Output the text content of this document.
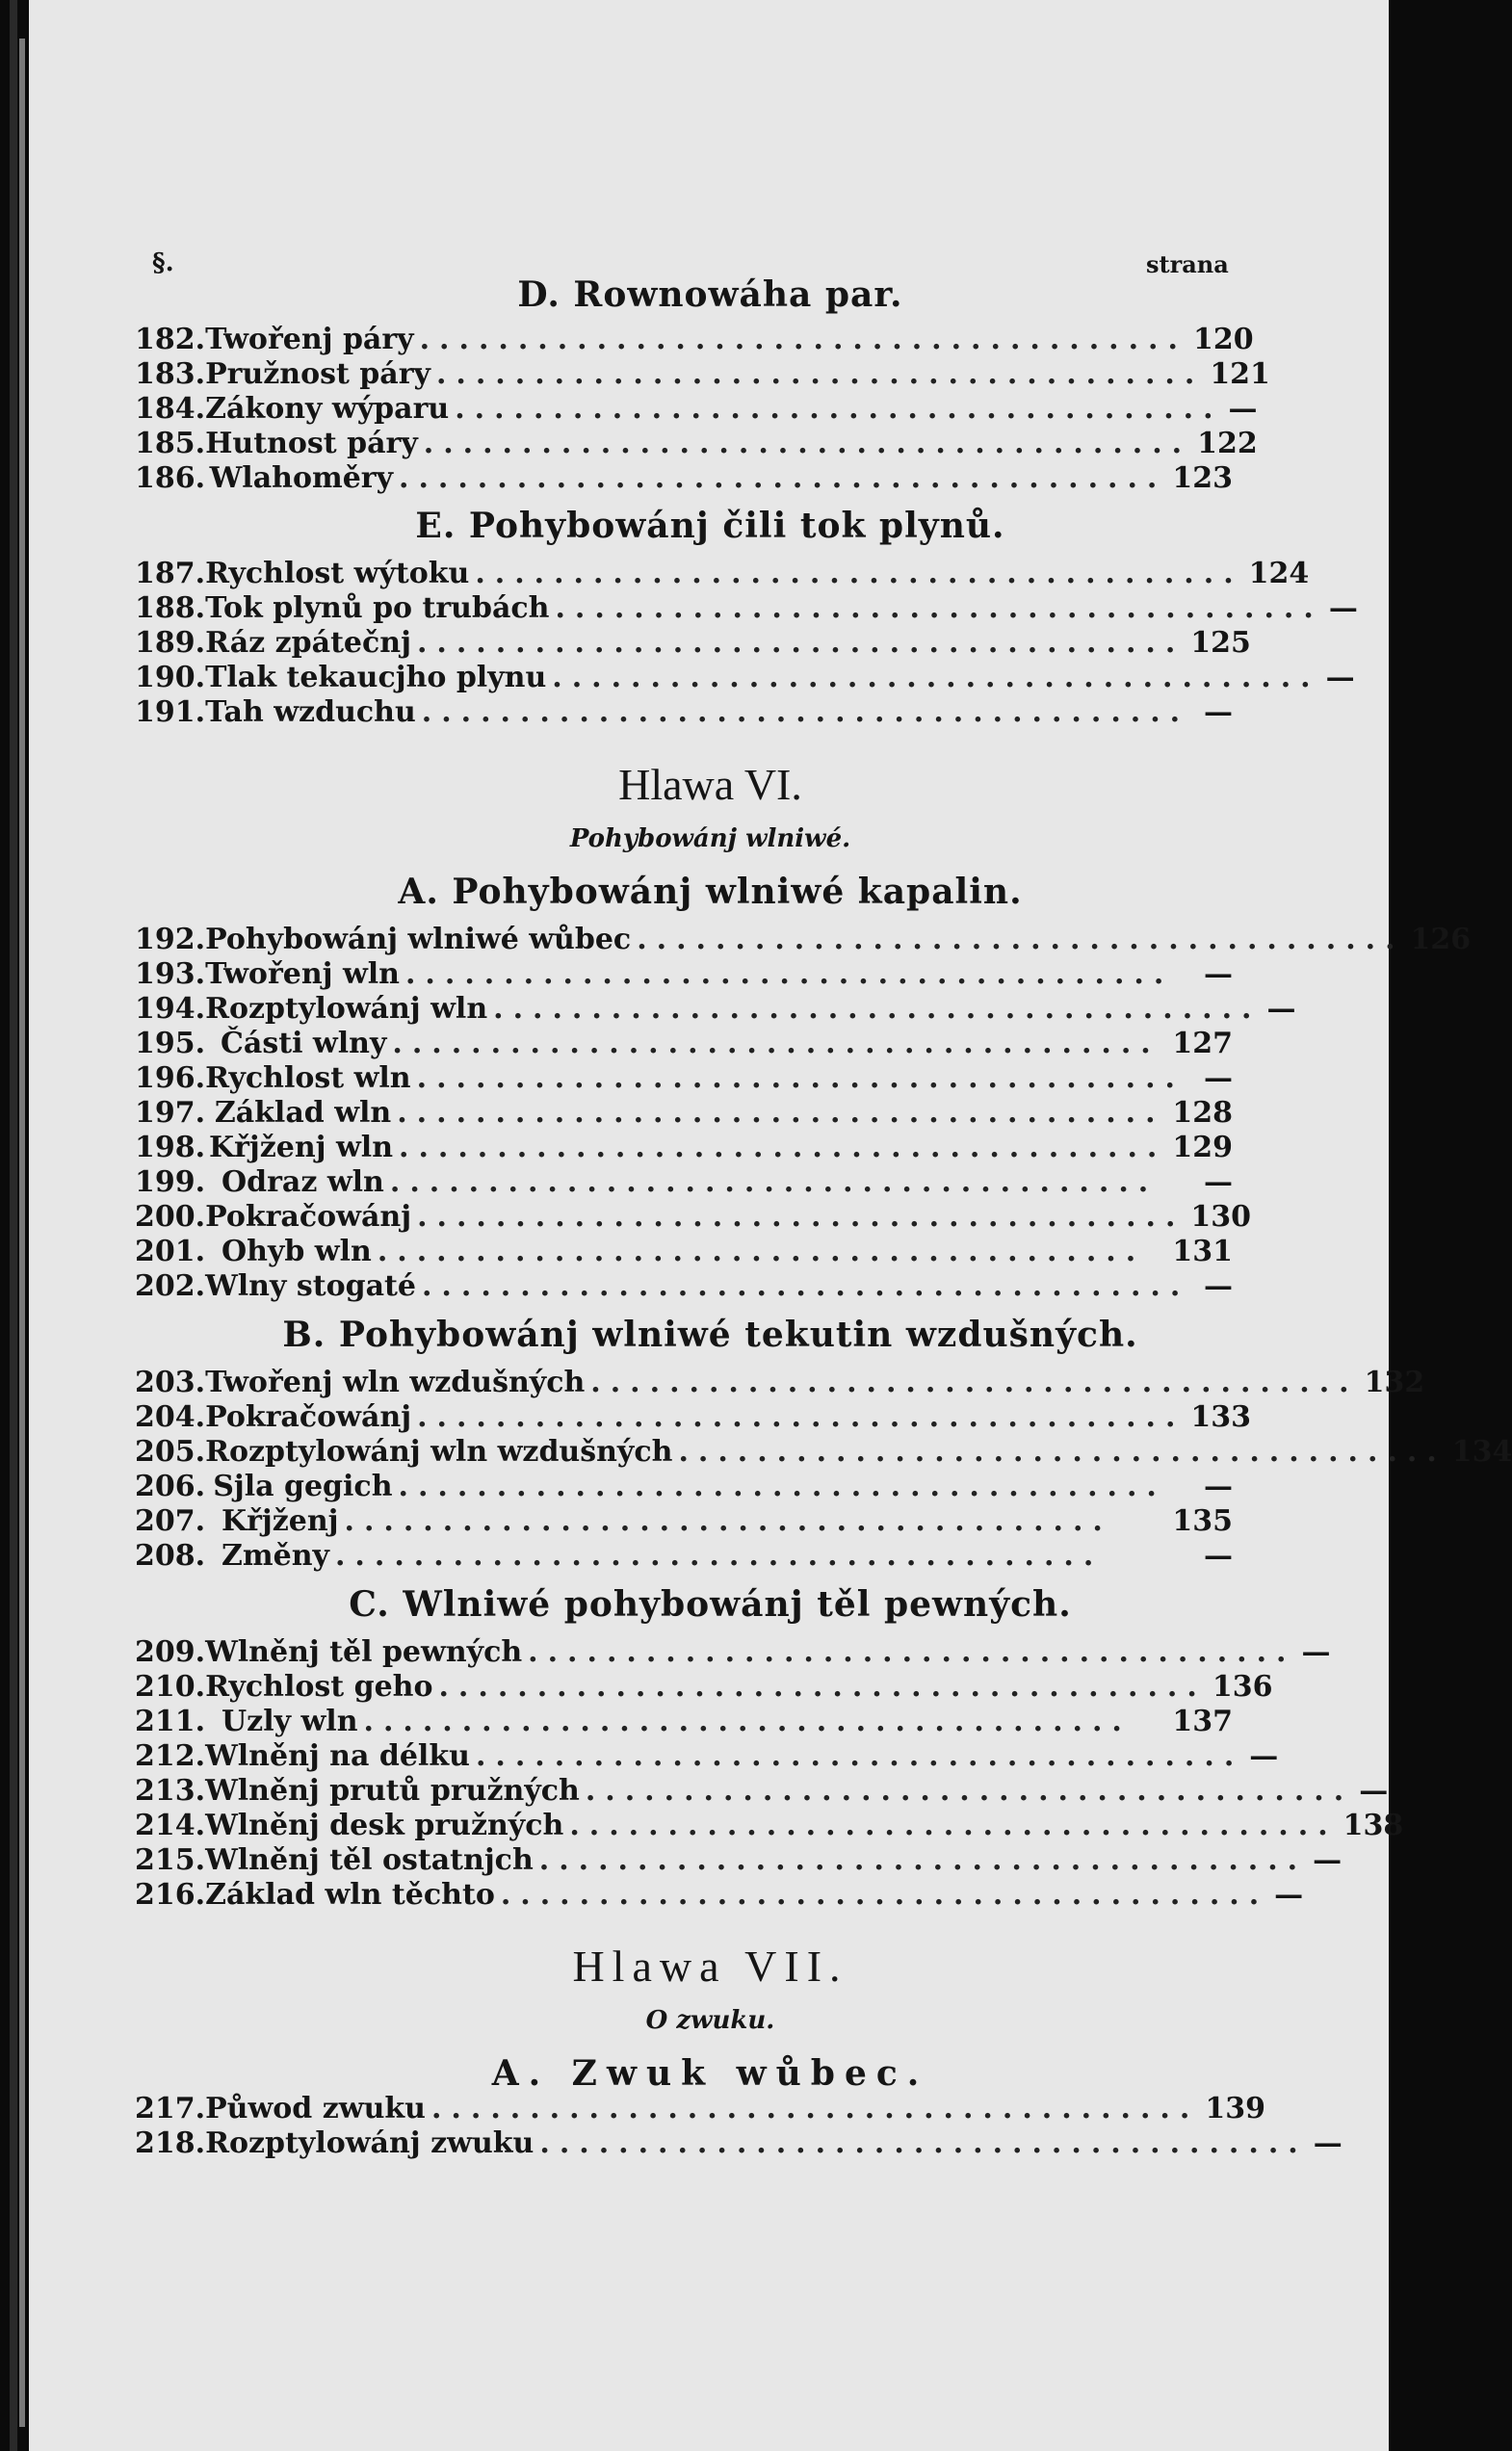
§.	strana
D. Rownowáha par.
182. Twořenj páry ....................................... 120
183. Pružnost páry ....................................... 121
184. Zákony wýparu ....................................... —
185. Hutnost páry ....................................... 122
186. Wlahoměry ....................................... 123
E. Pohybowánj čili tok plynů.
187. Rychlost wýtoku ....................................... 124
188. Tok plynů po trubách ....................................... —
189. Ráz zpátečnj ....................................... 125
190. Tlak tekaucjho plynu ....................................... —
191. Tah wzduchu ....................................... —
Hlawa VI.
Pohybowánj wlniwé.
A. Pohybowánj wlniwé kapalin.
192. Pohybowánj wlniwé wůbec ....................................... 126
193. Twořenj wln .......................................	—
194. Rozptylowánj wln ....................................... —
195. Části wlny ....................................... 127
196. Rychlost wln ....................................... —
197. Základ wln ....................................... 128
198. Křjženj wln ....................................... 129
199. Odraz wln .......................................	—
200. Pokračowánj ....................................... 130
201. Ohyb wln ....................................... 131
202. Wlny stogaté ....................................... —
B. Pohybowánj wlniwé tekutin wzdušných.
203. Twořenj wln wzdušných ....................................... 132
204. Pokračowánj ....................................... 133
205. Rozptylowánj wln wzdušných ....................................... 134
206. Sjla gegich .......................................	—
207. Křjženj .......................................	135
208. Změny .......................................	—
C. Wlniwé pohybowánj těl pewných.
209. Wlněnj těl pewných ....................................... —
210. Rychlost geho ....................................... 136
211. Uzly wln .......................................	137
212. Wlněnj na délku ....................................... —
213. Wlněnj prutů pružných ....................................... —
214. Wlněnj desk pružných ....................................... 138
215. Wlněnj těl ostatnjch ....................................... —
216. Základ wln těchto ....................................... —
Hlawa VII.
O zwuku.
A. Zwuk wůbec.
217. Půwod zwuku ....................................... 139
218. Rozptylowánj zwuku ....................................... —
